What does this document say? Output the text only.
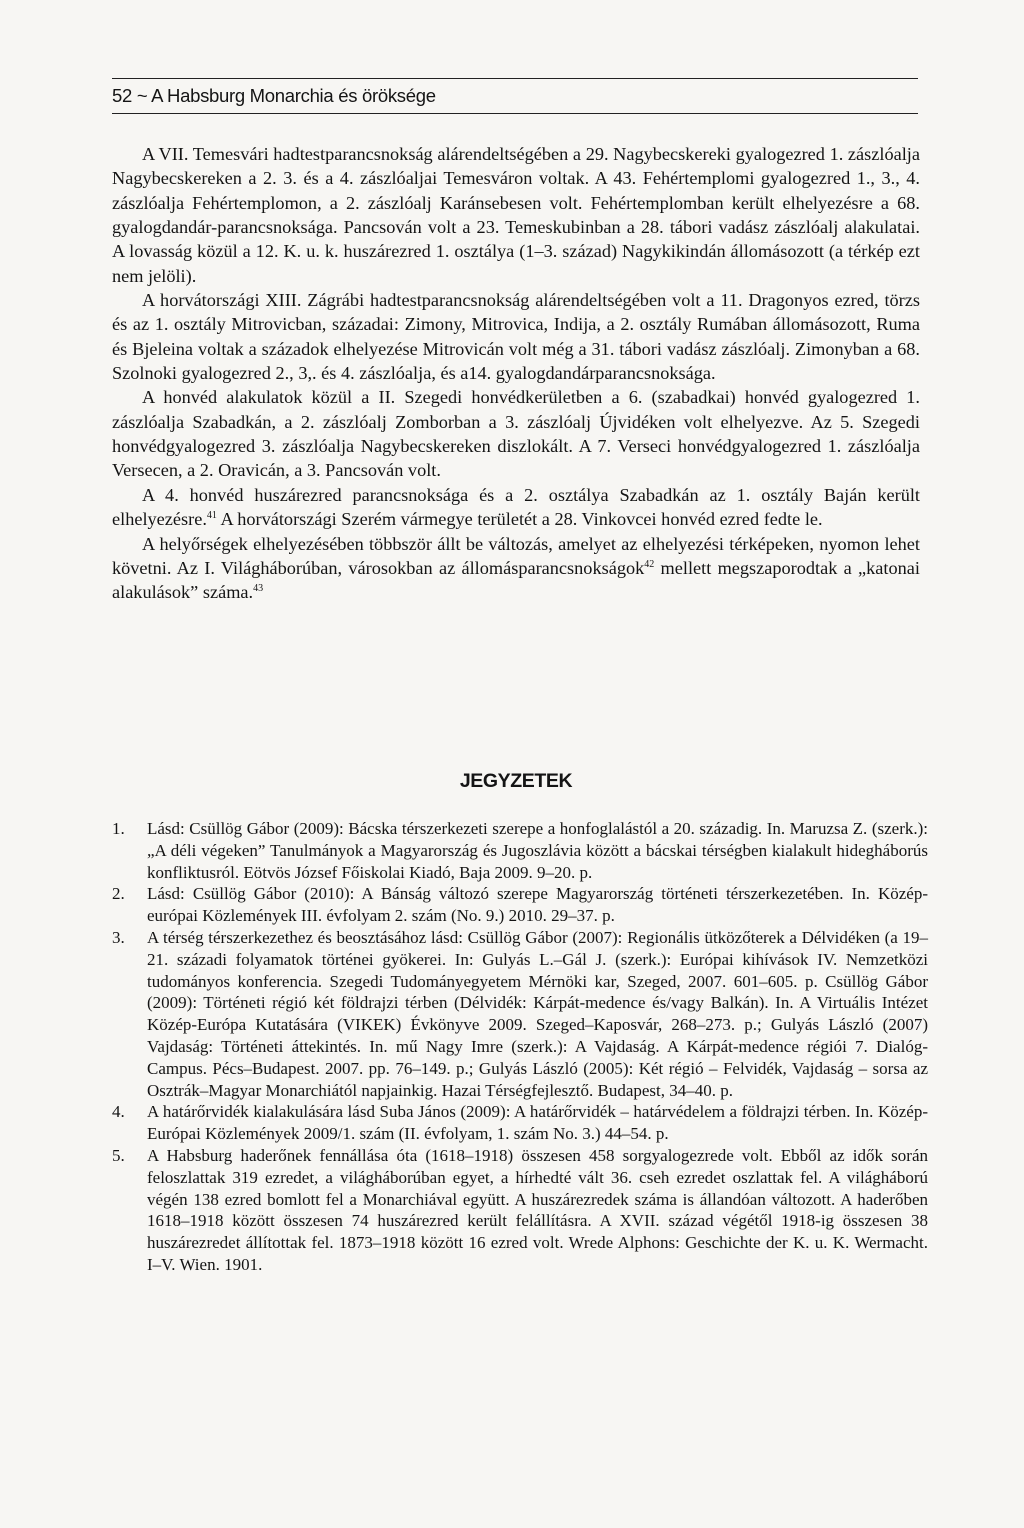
52 ~ A Habsburg Monarchia és öröksége

A VII. Temesvári hadtestparancsnokság alárendeltségében a 29. Nagybecskereki gyalogezred 1. zászlóalja Nagybecskereken a 2. 3. és a 4. zászlóaljai Temesváron voltak. A 43. Fehértemplomi gyalogezred 1., 3., 4. zászlóalja Fehértemplomon, a 2. zászlóalj Karánsebesen volt. Fehértemplomban került elhelyezésre a 68. gyalogdandár-parancsnoksága. Pancsován volt a 23. Temeskubinban a 28. tábori vadász zászlóalj alakulatai. A lovasság közül a 12. K. u. k. huszárezred 1. osztálya (1–3. század) Nagykikindán állomásozott (a térkép ezt nem jelöli).

A horvátországi XIII. Zágrábi hadtestparancsnokság alárendeltségében volt a 11. Dragonyos ezred, törzs és az 1. osztály Mitrovicban, századai: Zimony, Mitrovica, Indija, a 2. osztály Rumában állomásozott, Ruma és Bjeleina voltak a századok elhelyezése Mitrovicán volt még a 31. tábori vadász zászlóalj. Zimonyban a 68. Szolnoki gyalogezred 2., 3,. és 4. zászlóalja, és a14. gyalogdandárparancsnoksága.

A honvéd alakulatok közül a II. Szegedi honvédkerületben a 6. (szabadkai) honvéd gyalogezred 1. zászlóalja Szabadkán, a 2. zászlóalj Zomborban a 3. zászlóalj Újvidéken volt elhelyezve. Az 5. Szegedi honvédgyalogezred 3. zászlóalja Nagybecskereken diszlokált. A 7. Verseci honvédgyalogezred 1. zászlóalja Versecen, a 2. Oravicán, a 3. Pancsován volt.

A 4. honvéd huszárezred parancsnoksága és a 2. osztálya Szabadkán az 1. osztály Baján került elhelyezésre.$^{41}$ A horvátországi Szerém vármegye területét a 28. Vinkovcei honvéd ezred fedte le.

A helyőrségek elhelyezésében többször állt be változás, amelyet az elhelyezési térképeken, nyomon lehet követni. Az I. Világháborúban, városokban az állomásparancsnokságok$^{42}$ mellett megszaporodtak a „katonai alakulások” száma.$^{43}$

JEGYZETEK
1.	Lásd: Csüllög Gábor (2009): Bácska térszerkezeti szerepe a honfoglalástól a 20. századig. In. Maruzsa Z. (szerk.): „A déli végeken” Tanulmányok a Magyarország és Jugoszlávia között a bácskai térségben kialakult hidegháborús konfliktusról. Eötvös József Főiskolai Kiadó, Baja 2009. 9–20. p.
2.	Lásd: Csüllög Gábor (2010): A Bánság változó szerepe Magyarország történeti térszerkezetében. In. Közép-európai Közlemények III. évfolyam 2. szám (No. 9.) 2010. 29–37. p.
3.	A térség térszerkezethez és beosztásához lásd: Csüllög Gábor (2007): Regionális ütközőterek a Délvidéken (a 19–21. századi folyamatok történei gyökerei. In: Gulyás L.–Gál J. (szerk.): Európai kihívások IV. Nemzetközi tudományos konferencia. Szegedi Tudományegyetem Mérnöki kar, Szeged, 2007. 601–605. p. Csüllög Gábor (2009): Történeti régió két földrajzi térben (Délvidék: Kárpát-medence és/vagy Balkán). In. A Virtuális Intézet Közép-Európa Kutatására (VIKEK) Évkönyve 2009. Szeged–Kaposvár, 268–273. p.; Gulyás László (2007) Vajdaság: Történeti áttekintés. In. mű Nagy Imre (szerk.): A Vajdaság. A Kárpát-medence régiói 7. Dialóg-Campus. Pécs–Budapest. 2007. pp. 76–149. p.; Gulyás László (2005): Két régió – Felvidék, Vajdaság – sorsa az Osztrák–Magyar Monarchiától napjainkig. Hazai Térségfejlesztő. Budapest, 34–40. p.
4.	A határőrvidék kialakulására lásd Suba János (2009): A határőrvidék – határvédelem a földrajzi térben. In. Közép-Európai Közlemények 2009/1. szám (II. évfolyam, 1. szám No. 3.) 44–54. p.
5.	A Habsburg haderőnek fennállása óta (1618–1918) összesen 458 sorgyalogezrede volt. Ebből az idők során feloszlattak 319 ezredet, a világháborúban egyet, a hírhedté vált 36. cseh ezredet oszlattak fel. A világháború végén 138 ezred bomlott fel a Monarchiával együtt. A huszárezredek száma is állandóan változott. A haderőben 1618–1918 között összesen 74 huszárezred került felállításra. A XVII. század végétől 1918-ig összesen 38 huszárezredet állítottak fel. 1873–1918 között 16 ezred volt. Wrede Alphons: Geschichte der K. u. K. Wermacht. I–V. Wien. 1901.
